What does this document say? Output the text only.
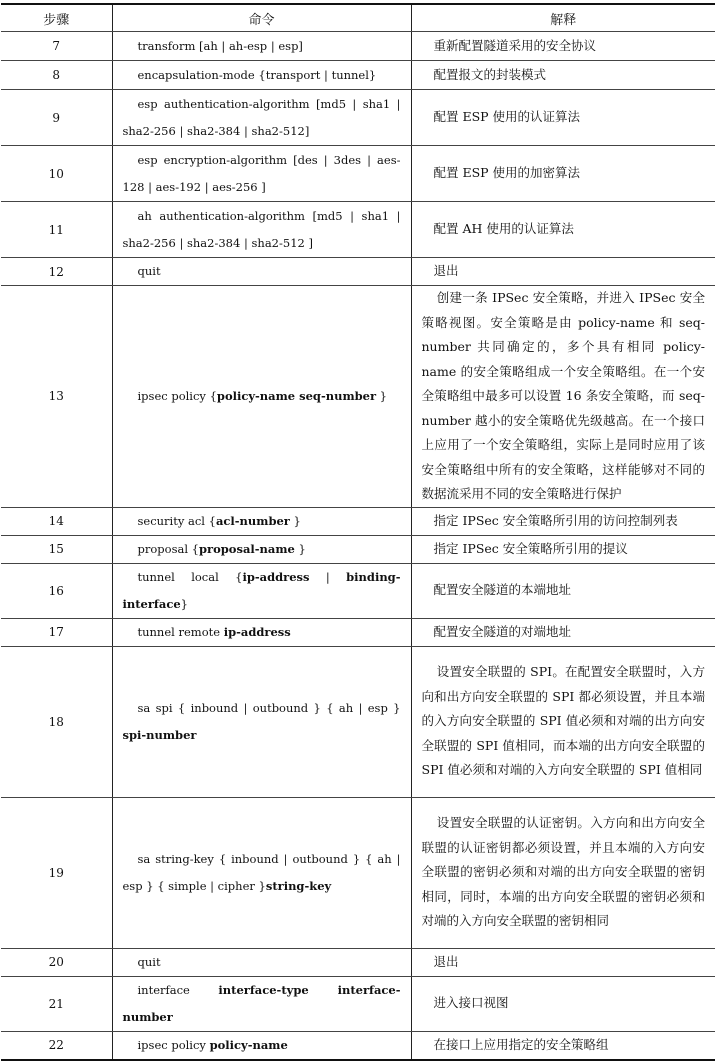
步骤	命令	解释
7	transform [ah | ah-esp | esp]	重新配置隧道采用的安全协议
8	encapsulation-mode {transport | tunnel}	配置报文的封装模式
9	esp authentication-algorithm [md5 | sha1 | sha2-256 | sha2-384 | sha2-512]	配置 ESP 使用的认证算法
10	esp encryption-algorithm [des | 3des | aes-128 | aes-192 | aes-256 ]	配置 ESP 使用的加密算法
11	ah authentication-algorithm [md5 | sha1 | sha2-256 | sha2-384 | sha2-512 ]	配置 AH 使用的认证算法
12	quit	退出
13	ipsec policy {policy-name seq-number }	创建一条 IPSec 安全策略，并进入 IPSec 安全策略视图。安全策略是由 policy-name 和 seq-number 共同确定的，多个具有相同 policy-name 的安全策略组成一个安全策略组。在一个安全策略组中最多可以设置 16 条安全策略，而 seq-number 越小的安全策略优先级越高。在一个接口上应用了一个安全策略组，实际上是同时应用了该安全策略组中所有的安全策略，这样能够对不同的数据流采用不同的安全策略进行保护
14	security acl {acl-number }	指定 IPSec 安全策略所引用的访问控制列表
15	proposal {proposal-name }	指定 IPSec 安全策略所引用的提议
16	tunnel local {ip-address | binding-interface}	配置安全隧道的本端地址
17	tunnel remote ip-address	配置安全隧道的对端地址
18	sa spi { inbound | outbound } { ah | esp } spi-number	设置安全联盟的 SPI。在配置安全联盟时，入方向和出方向安全联盟的 SPI 都必须设置，并且本端的入方向安全联盟的 SPI 值必须和对端的出方向安全联盟的 SPI 值相同，而本端的出方向安全联盟的 SPI 值必须和对端的入方向安全联盟的 SPI 值相同
19	sa string-key { inbound | outbound } { ah | esp } { simple | cipher }string-key	设置安全联盟的认证密钥。入方向和出方向安全联盟的认证密钥都必须设置，并且本端的入方向安全联盟的密钥必须和对端的出方向安全联盟的密钥相同，同时，本端的出方向安全联盟的密钥必须和对端的入方向安全联盟的密钥相同
20	quit	退出
21	interface interface-type interface-number	进入接口视图
22	ipsec policy policy-name	在接口上应用指定的安全策略组
